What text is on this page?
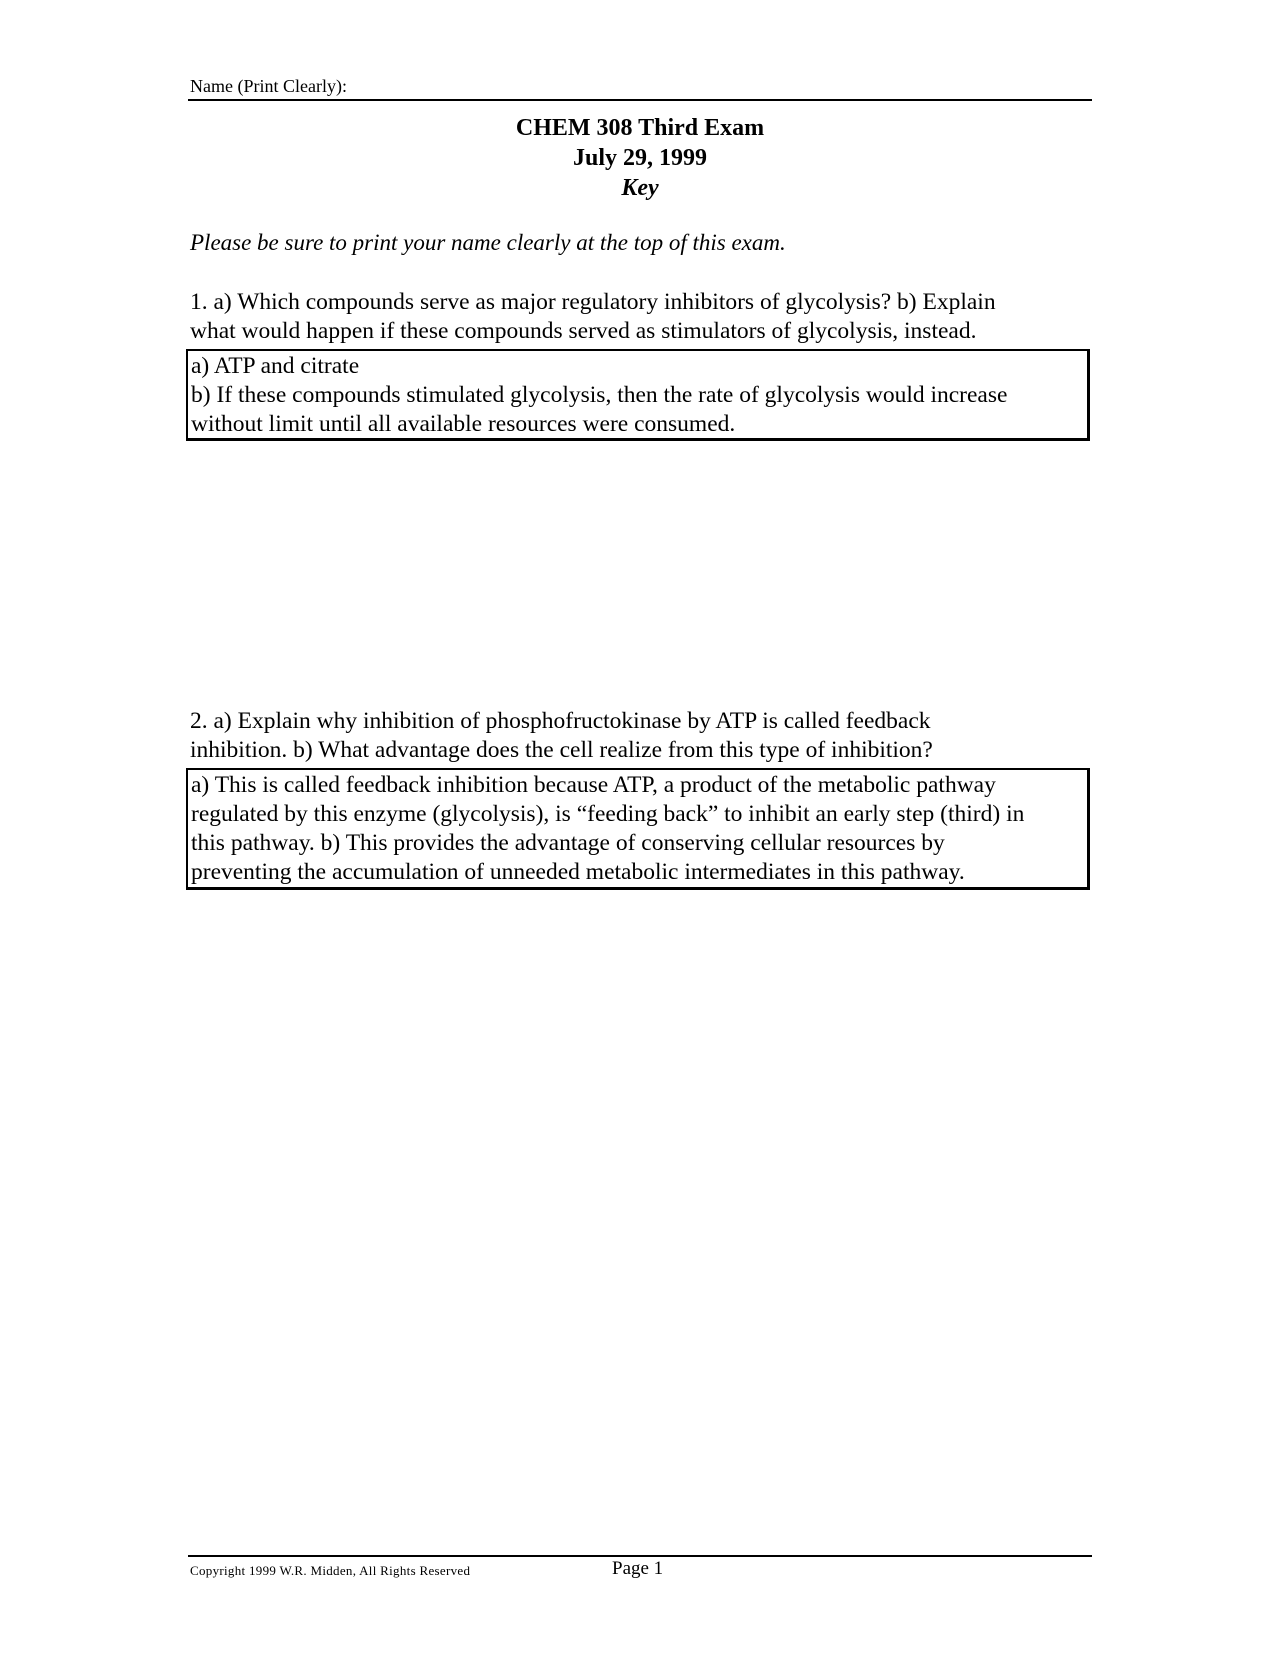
Name (Print Clearly):
CHEM 308 Third Exam
July 29, 1999
Key
Please be sure to print your name clearly at the top of this exam.
1. a) Which compounds serve as major regulatory inhibitors of glycolysis? b) Explain
what would happen if these compounds served as stimulators of glycolysis, instead.
a) ATP and citrate
b) If these compounds stimulated glycolysis, then the rate of glycolysis would increase
without limit until all available resources were consumed.
2. a) Explain why inhibition of phosphofructokinase by ATP is called feedback
inhibition. b) What advantage does the cell realize from this type of inhibition?
a) This is called feedback inhibition because ATP, a product of the metabolic pathway
regulated by this enzyme (glycolysis), is “feeding back” to inhibit an early step (third) in
this pathway. b) This provides the advantage of conserving cellular resources by
preventing the accumulation of unneeded metabolic intermediates in this pathway.
Copyright 1999 W.R. Midden, All Rights Reserved	Page 1
